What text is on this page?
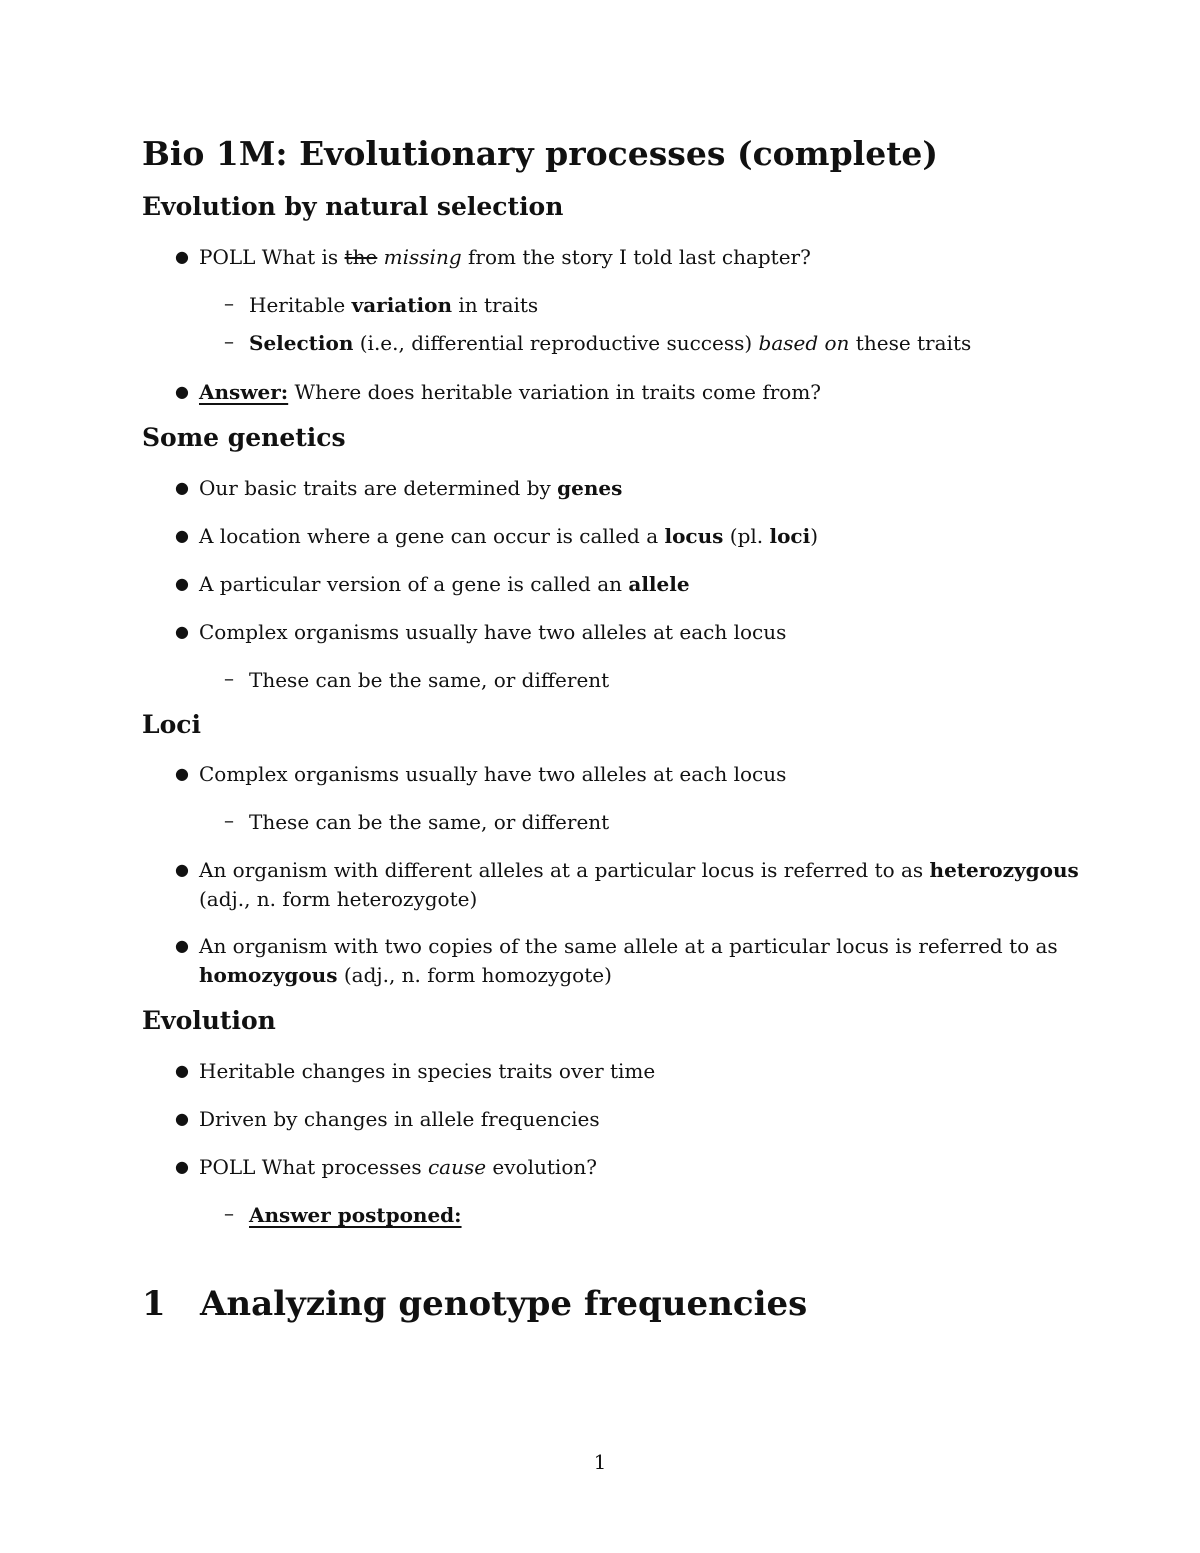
Bio 1M: Evolutionary processes (complete)
Evolution by natural selection
● POLL What is the missing from the story I told last chapter?
– Heritable variation in traits
– Selection (i.e., differential reproductive success) based on these traits
● Answer: Where does heritable variation in traits come from?
Some genetics
● Our basic traits are determined by genes
● A location where a gene can occur is called a locus (pl. loci)
● A particular version of a gene is called an allele
● Complex organisms usually have two alleles at each locus
– These can be the same, or different
Loci
● Complex organisms usually have two alleles at each locus
– These can be the same, or different
● An organism with different alleles at a particular locus is referred to as heterozygous
(adj., n. form heterozygote)
● An organism with two copies of the same allele at a particular locus is referred to as
homozygous (adj., n. form homozygote)
Evolution
● Heritable changes in species traits over time
● Driven by changes in allele frequencies
● POLL What processes cause evolution?
– Answer postponed:
1 Analyzing genotype frequencies
1
